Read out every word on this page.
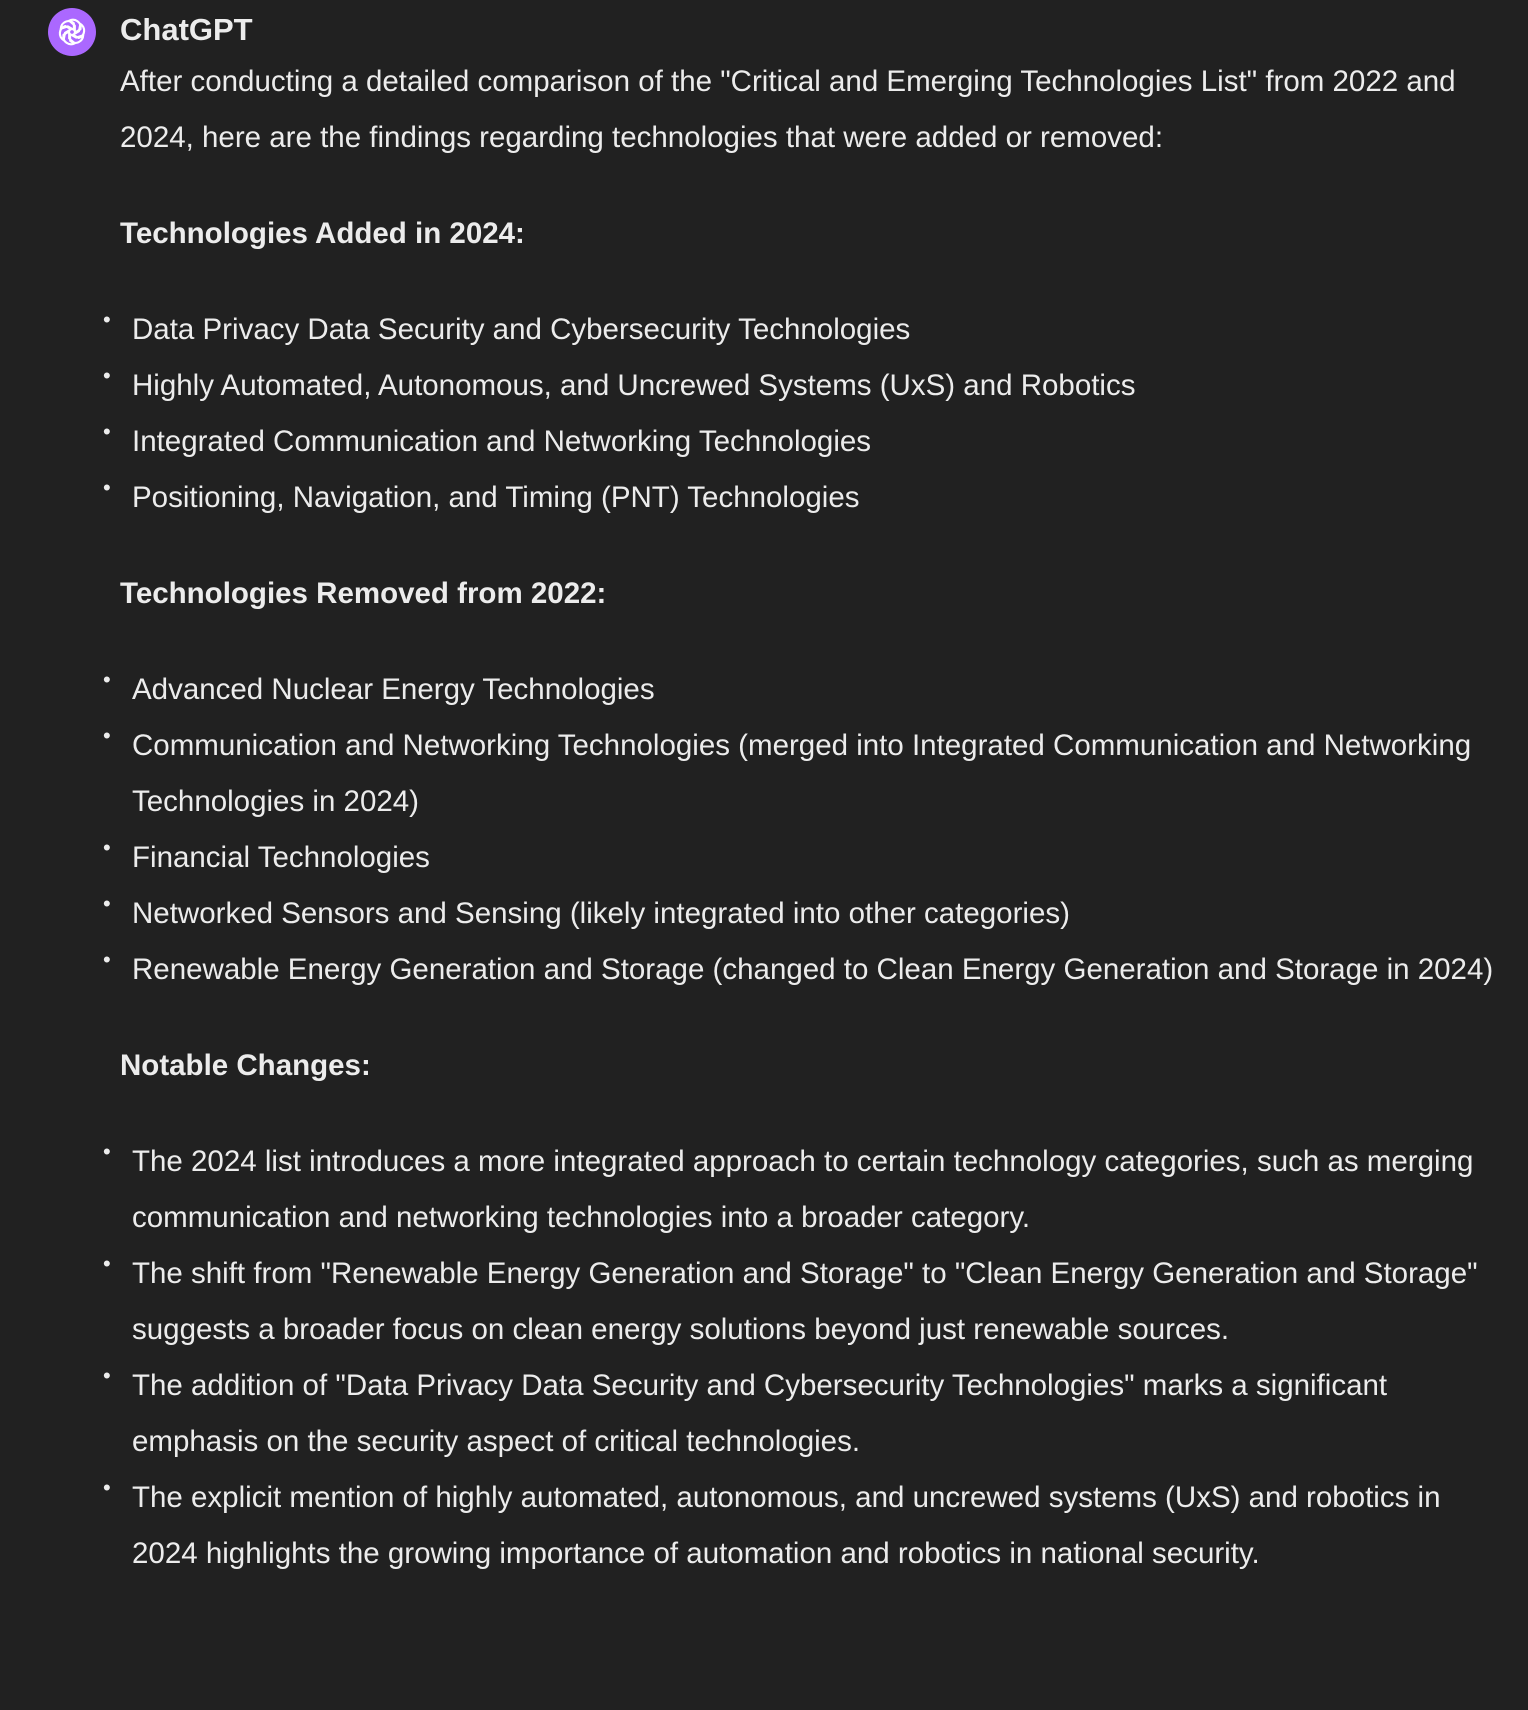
ChatGPT

After conducting a detailed comparison of the "Critical and Emerging Technologies List" from 2022 and 2024, here are the findings regarding technologies that were added or removed:

Technologies Added in 2024:
• Data Privacy Data Security and Cybersecurity Technologies
• Highly Automated, Autonomous, and Uncrewed Systems (UxS) and Robotics
• Integrated Communication and Networking Technologies
• Positioning, Navigation, and Timing (PNT) Technologies
Technologies Removed from 2022:
• Advanced Nuclear Energy Technologies
• Communication and Networking Technologies (merged into Integrated Communication and Networking Technologies in 2024)
• Financial Technologies
• Networked Sensors and Sensing (likely integrated into other categories)
• Renewable Energy Generation and Storage (changed to Clean Energy Generation and Storage in 2024)
Notable Changes:
• The 2024 list introduces a more integrated approach to certain technology categories, such as merging communication and networking technologies into a broader category.
• The shift from "Renewable Energy Generation and Storage" to "Clean Energy Generation and Storage" suggests a broader focus on clean energy solutions beyond just renewable sources.
• The addition of "Data Privacy Data Security and Cybersecurity Technologies" marks a significant emphasis on the security aspect of critical technologies.
• The explicit mention of highly automated, autonomous, and uncrewed systems (UxS) and robotics in 2024 highlights the growing importance of automation and robotics in national security.
